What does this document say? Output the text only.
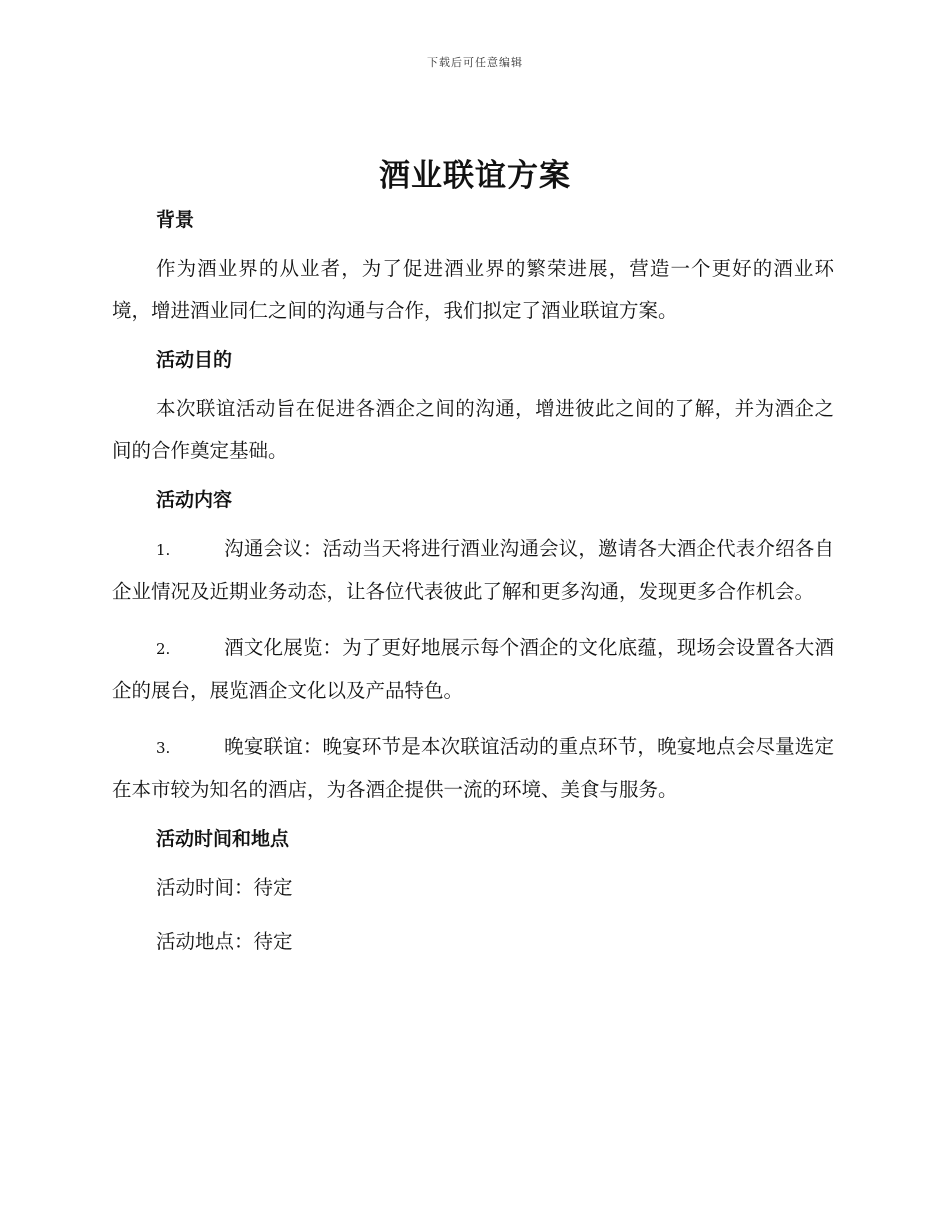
下载后可任意编辑
酒业联谊方案
背景

作为酒业界的从业者，为了促进酒业界的繁荣进展，营造一个更好的酒业环境，增进酒业同仁之间的沟通与合作，我们拟定了酒业联谊方案。

活动目的

本次联谊活动旨在促进各酒企之间的沟通，增进彼此之间的了解，并为酒企之间的合作奠定基础。

活动内容

1.	沟通会议：活动当天将进行酒业沟通会议，邀请各大酒企代表介绍各自企业情况及近期业务动态，让各位代表彼此了解和更多沟通，发现更多合作机会。

2.	酒文化展览：为了更好地展示每个酒企的文化底蕴，现场会设置各大酒企的展台，展览酒企文化以及产品特色。

3.	晚宴联谊：晚宴环节是本次联谊活动的重点环节，晚宴地点会尽量选定在本市较为知名的酒店，为各酒企提供一流的环境、美食与服务。

活动时间和地点

活动时间：待定

活动地点：待定
